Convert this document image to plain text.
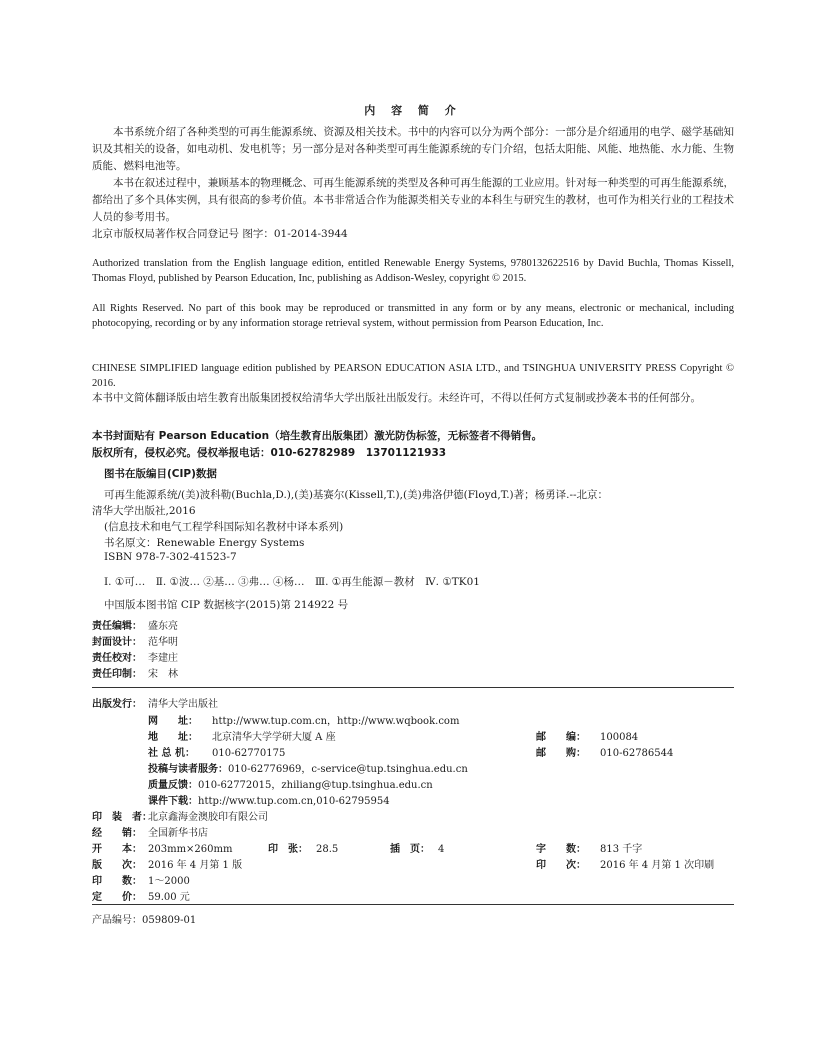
内 容 简 介
本书系统介绍了各种类型的可再生能源系统、资源及相关技术。书中的内容可以分为两个部分：一部分是介绍通用的电学、磁学基础知识及其相关的设备，如电动机、发电机等；另一部分是对各种类型可再生能源系统的专门介绍，包括太阳能、风能、地热能、水力能、生物质能、燃料电池等。
本书在叙述过程中，兼顾基本的物理概念、可再生能源系统的类型及各种可再生能源的工业应用。针对每一种类型的可再生能源系统，都给出了多个具体实例，具有很高的参考价值。本书非常适合作为能源类相关专业的本科生与研究生的教材，也可作为相关行业的工程技术人员的参考用书。
北京市版权局著作权合同登记号 图字：01-2014-3944
Authorized translation from the English language edition, entitled Renewable Energy Systems, 9780132622516 by David Buchla, Thomas Kissell, Thomas Floyd, published by Pearson Education, Inc, publishing as Addison-Wesley, copyright © 2015.
All Rights Reserved. No part of this book may be reproduced or transmitted in any form or by any means, electronic or mechanical, including photocopying, recording or by any information storage retrieval system, without permission from Pearson Education, Inc.
CHINESE SIMPLIFIED language edition published by PEARSON EDUCATION ASIA LTD., and TSINGHUA UNIVERSITY PRESS Copyright © 2016.
本书中文简体翻译版由培生教育出版集团授权给清华大学出版社出版发行。未经许可，不得以任何方式复制或抄袭本书的任何部分。
本书封面贴有 Pearson Education（培生教育出版集团）激光防伪标签，无标签者不得销售。
版权所有，侵权必究。侵权举报电话：010-62782989　13701121933
图书在版编目(CIP)数据
可再生能源系统/(美)波科勒(Buchla,D.),(美)基赛尔(Kissell,T.),(美)弗洛伊德(Floyd,T.)著；杨勇译.--北京：
清华大学出版社,2016
(信息技术和电气工程学科国际知名教材中译本系列)
书名原文：Renewable Energy Systems
ISBN 978-7-302-41523-7
Ⅰ. ①可…　Ⅱ. ①波… ②基… ③弗… ④杨…　Ⅲ. ①再生能源－教材　Ⅳ. ①TK01
中国版本图书馆 CIP 数据核字(2015)第 214922 号
责任编辑： 盛东亮
封面设计： 范华明
责任校对： 李建庄
责任印制： 宋　林
出版发行： 清华大学出版社
网　　址： http://www.tup.com.cn，http://www.wqbook.com
地　　址： 北京清华大学学研大厦 A 座	邮　　编： 100084
社 总 机： 010-62770175	邮　　购： 010-62786544
投稿与读者服务：010-62776969，c-service@tup.tsinghua.edu.cn
质量反馈：010-62772015，zhiliang@tup.tsinghua.edu.cn
课件下载：http://www.tup.com.cn,010-62795954
印　装　者：北京鑫海金澳胶印有限公司
经　　销： 全国新华书店
开　　本： 203mm×260mm	印　张： 28.5	插　页： 4	字　　数： 813 千字
版　　次： 2016 年 4 月第 1 版	印　　次： 2016 年 4 月第 1 次印刷
印　　数： 1～2000
定　　价： 59.00 元
产品编号：059809-01
